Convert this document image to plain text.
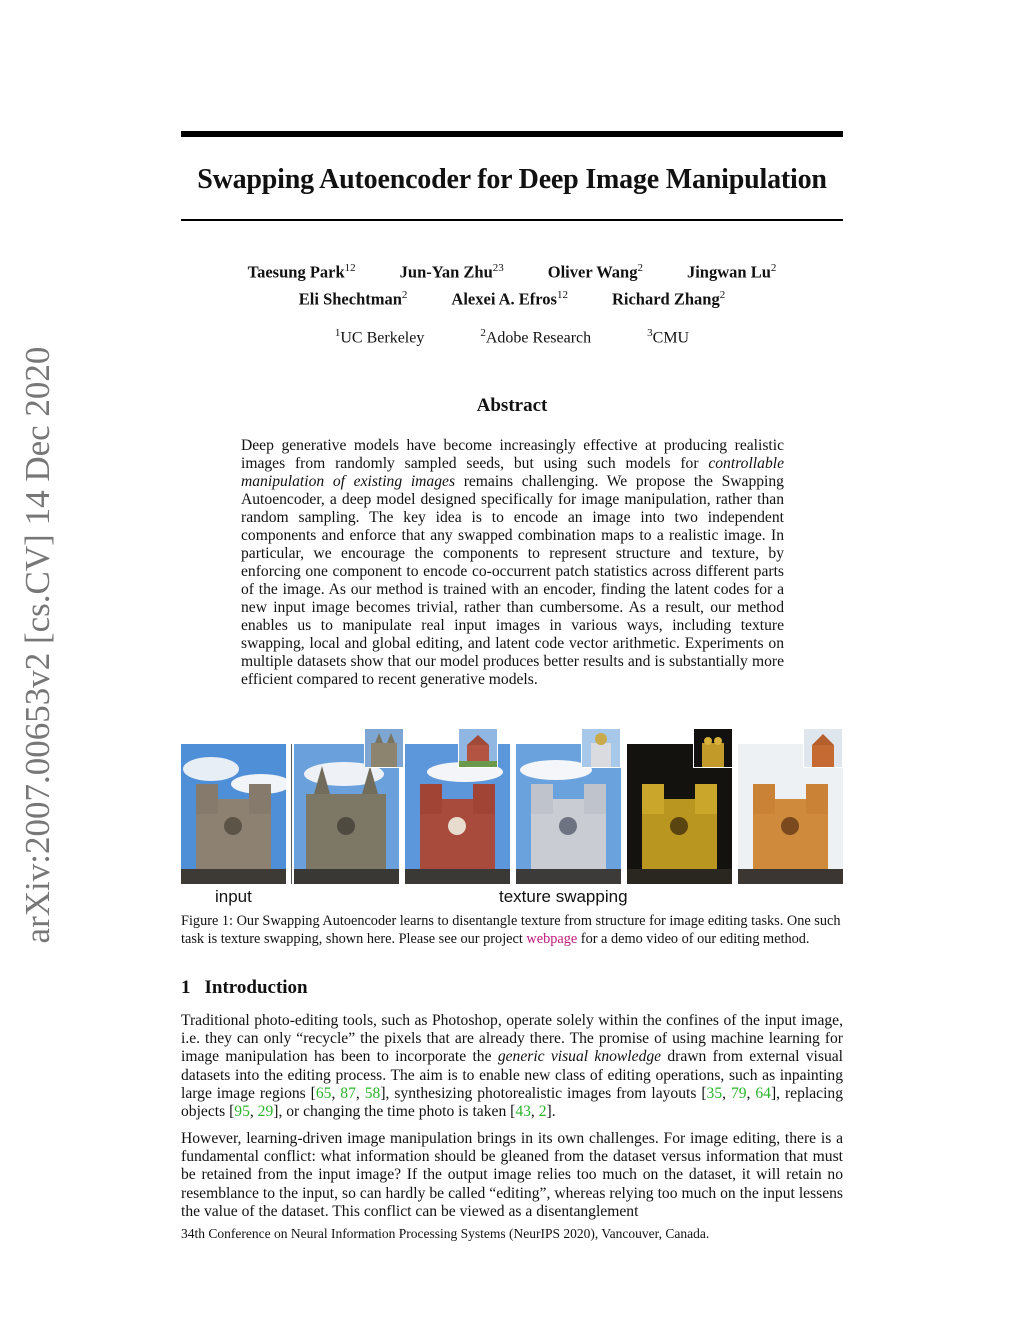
arXiv:2007.00653v2 [cs.CV] 14 Dec 2020
Swapping Autoencoder for Deep Image Manipulation
Taesung Park$^{12}$	Jun-Yan Zhu$^{23}$	Oliver Wang$^2$	Jingwan Lu$^2$
Eli Shechtman$^2$	Alexei A. Efros$^{12}$	Richard Zhang$^2$
$^1$UC Berkeley	$^2$Adobe Research	$^3$CMU
Abstract
Deep generative models have become increasingly effective at producing realistic images from randomly sampled seeds, but using such models for controllable manipulation of existing images remains challenging. We propose the Swapping Autoencoder, a deep model designed specifically for image manipulation, rather than random sampling. The key idea is to encode an image into two independent components and enforce that any swapped combination maps to a realistic image. In particular, we encourage the components to represent structure and texture, by enforcing one component to encode co-occurrent patch statistics across different parts of the image. As our method is trained with an encoder, finding the latent codes for a new input image becomes trivial, rather than cumbersome. As a result, our method enables us to manipulate real input images in various ways, including texture swapping, local and global editing, and latent code vector arithmetic. Experiments on multiple datasets show that our model produces better results and is substantially more efficient compared to recent generative models.
input	texture swapping
Figure 1: Our Swapping Autoencoder learns to disentangle texture from structure for image editing tasks. One such task is texture swapping, shown here. Please see our project webpage for a demo video of our editing method.
1 Introduction
Traditional photo-editing tools, such as Photoshop, operate solely within the confines of the input image, i.e. they can only “recycle” the pixels that are already there. The promise of using machine learning for image manipulation has been to incorporate the generic visual knowledge drawn from external visual datasets into the editing process. The aim is to enable new class of editing operations, such as inpainting large image regions [65, 87, 58], synthesizing photorealistic images from layouts [35, 79, 64], replacing objects [95, 29], or changing the time photo is taken [43, 2].
However, learning-driven image manipulation brings in its own challenges. For image editing, there is a fundamental conflict: what information should be gleaned from the dataset versus information that must be retained from the input image? If the output image relies too much on the dataset, it will retain no resemblance to the input, so can hardly be called “editing”, whereas relying too much on the input lessens the value of the dataset. This conflict can be viewed as a disentanglement
34th Conference on Neural Information Processing Systems (NeurIPS 2020), Vancouver, Canada.
